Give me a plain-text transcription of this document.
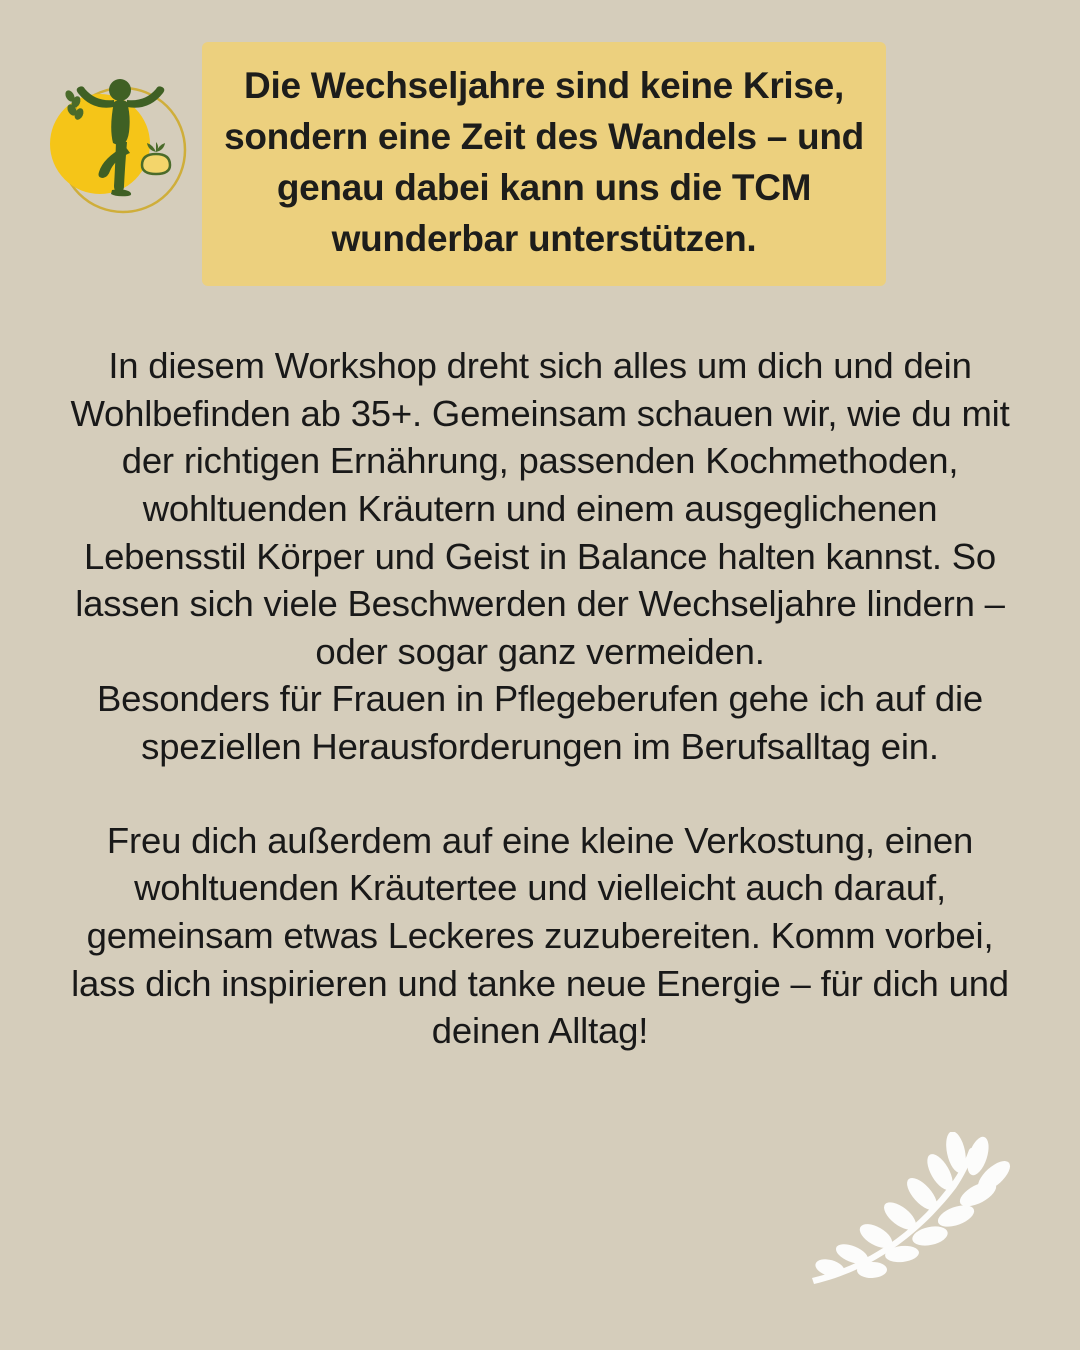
Die Wechseljahre sind keine Krise, sondern eine Zeit des Wandels – und genau dabei kann uns die TCM wunderbar unterstützen.

In diesem Workshop dreht sich alles um dich und dein Wohlbefinden ab 35+. Gemeinsam schauen wir, wie du mit der richtigen Ernährung, passenden Kochmethoden, wohltuenden Kräutern und einem ausgeglichenen Lebensstil Körper und Geist in Balance halten kannst. So lassen sich viele Beschwerden der Wechseljahre lindern – oder sogar ganz vermeiden.

Besonders für Frauen in Pflegeberufen gehe ich auf die speziellen Herausforderungen im Berufsalltag ein.

Freu dich außerdem auf eine kleine Verkostung, einen wohltuenden Kräutertee und vielleicht auch darauf, gemeinsam etwas Leckeres zuzubereiten. Komm vorbei, lass dich inspirieren und tanke neue Energie – für dich und deinen Alltag!
